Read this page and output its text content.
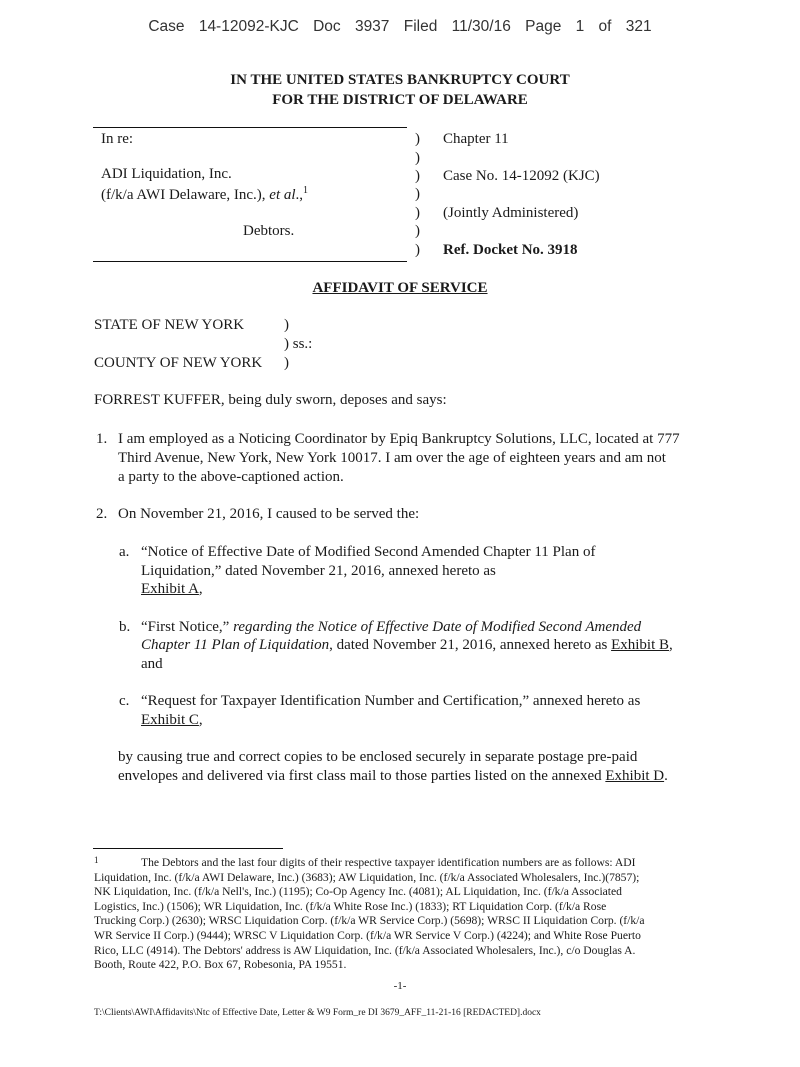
Case 14-12092-KJC Doc 3937 Filed 11/30/16 Page 1 of 321
IN THE UNITED STATES BANKRUPTCY COURT
FOR THE DISTRICT OF DELAWARE
In re:
ADI Liquidation, Inc.
(f/k/a AWI Delaware, Inc.), et al.,$^1$
Debtors.
)
)
)
)
)
)
)
Chapter 11
Case No. 14-12092 (KJC)
(Jointly Administered)
Ref. Docket No. 3918
AFFIDAVIT OF SERVICE
STATE OF NEW YORK	)
) ss.:
COUNTY OF NEW YORK )
FORREST KUFFER, being duly sworn, deposes and says:
1. I am employed as a Noticing Coordinator by Epiq Bankruptcy Solutions, LLC, located at 777
Third Avenue, New York, New York 10017. I am over the age of eighteen years and am not
a party to the above-captioned action.
2. On November 21, 2016, I caused to be served the:
a. “Notice of Effective Date of Modified Second Amended Chapter 11 Plan of
Liquidation,” dated November 21, 2016, annexed hereto as
Exhibit A,
b. “First Notice,” regarding the Notice of Effective Date of Modified Second Amended
Chapter 11 Plan of Liquidation, dated November 21, 2016, annexed hereto as Exhibit B,
and
c. “Request for Taxpayer Identification Number and Certification,” annexed hereto as
Exhibit C,
by causing true and correct copies to be enclosed securely in separate postage pre-paid
envelopes and delivered via first class mail to those parties listed on the annexed Exhibit D.
1	The Debtors and the last four digits of their respective taxpayer identification numbers are as follows: ADI
Liquidation, Inc. (f/k/a AWI Delaware, Inc.) (3683); AW Liquidation, Inc. (f/k/a Associated Wholesalers, Inc.)(7857);
NK Liquidation, Inc. (f/k/a Nell's, Inc.) (1195); Co-Op Agency Inc. (4081); AL Liquidation, Inc. (f/k/a Associated
Logistics, Inc.) (1506); WR Liquidation, Inc. (f/k/a White Rose Inc.) (1833); RT Liquidation Corp. (f/k/a Rose
Trucking Corp.) (2630); WRSC Liquidation Corp. (f/k/a WR Service Corp.) (5698); WRSC II Liquidation Corp. (f/k/a
WR Service II Corp.) (9444); WRSC V Liquidation Corp. (f/k/a WR Service V Corp.) (4224); and White Rose Puerto
Rico, LLC (4914). The Debtors' address is AW Liquidation, Inc. (f/k/a Associated Wholesalers, Inc.), c/o Douglas A.
Booth, Route 422, P.O. Box 67, Robesonia, PA 19551.
-1-
T:\Clients\AWI\Affidavits\Ntc of Effective Date, Letter & W9 Form_re DI 3679_AFF_11-21-16 [REDACTED].docx
